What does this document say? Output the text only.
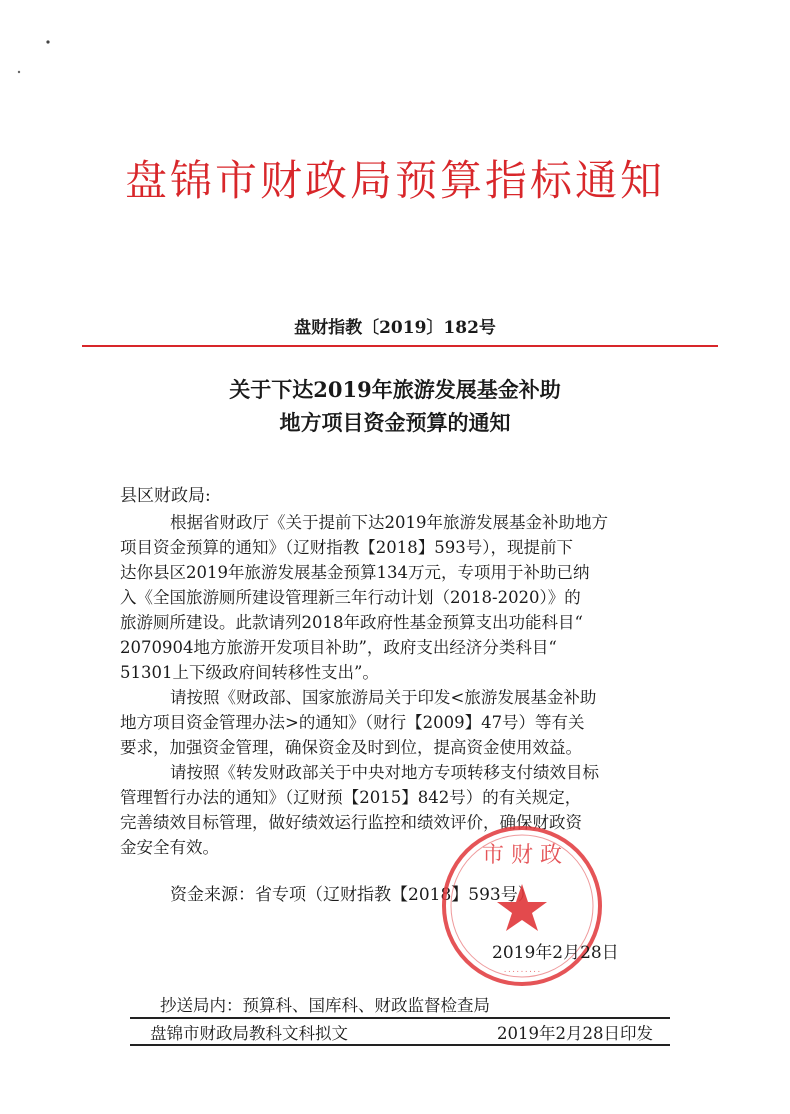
盘锦市财政局预算指标通知
盘财指教〔2019〕182号
关于下达2019年旅游发展基金补助
地方项目资金预算的通知
县区财政局:
根据省财政厅《关于提前下达2019年旅游发展基金补助地方
项目资金预算的通知》（辽财指教【2018】593号），现提前下
达你县区2019年旅游发展基金预算134万元，专项用于补助已纳
入《全国旅游厕所建设管理新三年行动计划（2018-2020）》的
旅游厕所建设。此款请列2018年政府性基金预算支出功能科目“
2070904地方旅游开发项目补助”，政府支出经济分类科目“
51301上下级政府间转移性支出”。
请按照《财政部、国家旅游局关于印发<旅游发展基金补助
地方项目资金管理办法>的通知》（财行【2009】47号）等有关
要求，加强资金管理，确保资金及时到位，提高资金使用效益。
请按照《转发财政部关于中央对地方专项转移支付绩效目标
管理暂行办法的通知》（辽财预【2015】842号）的有关规定，
完善绩效目标管理，做好绩效运行监控和绩效评价，确保财政资
金安全有效。
资金来源：省专项（辽财指教【2018】593号）
市 财 政
·········
2019年2月28日
抄送局内：预算科、国库科、财政监督检查局
盘锦市财政局教科文科拟文	2019年2月28日印发
